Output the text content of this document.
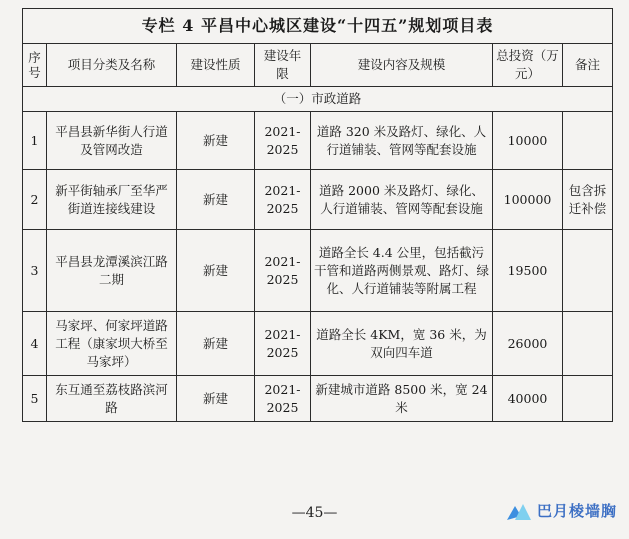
专栏 4 平昌中心城区建设“十四五”规划项目表						
序号	项目分类及名称	建设性质	建设年限	建设内容及规模	总投资（万元）	备注
（一）市政道路						
1	平昌县新华街人行道及管网改造	新建	2021-2025	道路 320 米及路灯、绿化、人行道铺装、管网等配套设施	10000	
2	新平街轴承厂至华严街道连接线建设	新建	2021-2025	道路 2000 米及路灯、绿化、人行道铺装、管网等配套设施	100000	包含拆迁补偿
3	平昌县龙潭溪滨江路二期	新建	2021-2025	道路全长 4.4 公里，包括截污干管和道路两侧景观、路灯、绿化、人行道铺装等附属工程	19500	
4	马家坪、何家坪道路工程（康家坝大桥至马家坪）	新建	2021-2025	道路全长 4KM，宽 36 米，为双向四车道	26000	
5	东互通至荔枝路滨河路	新建	2021-2025	新建城市道路 8500 米，宽 24 米	40000	
—45—	巴月棱墙胸
